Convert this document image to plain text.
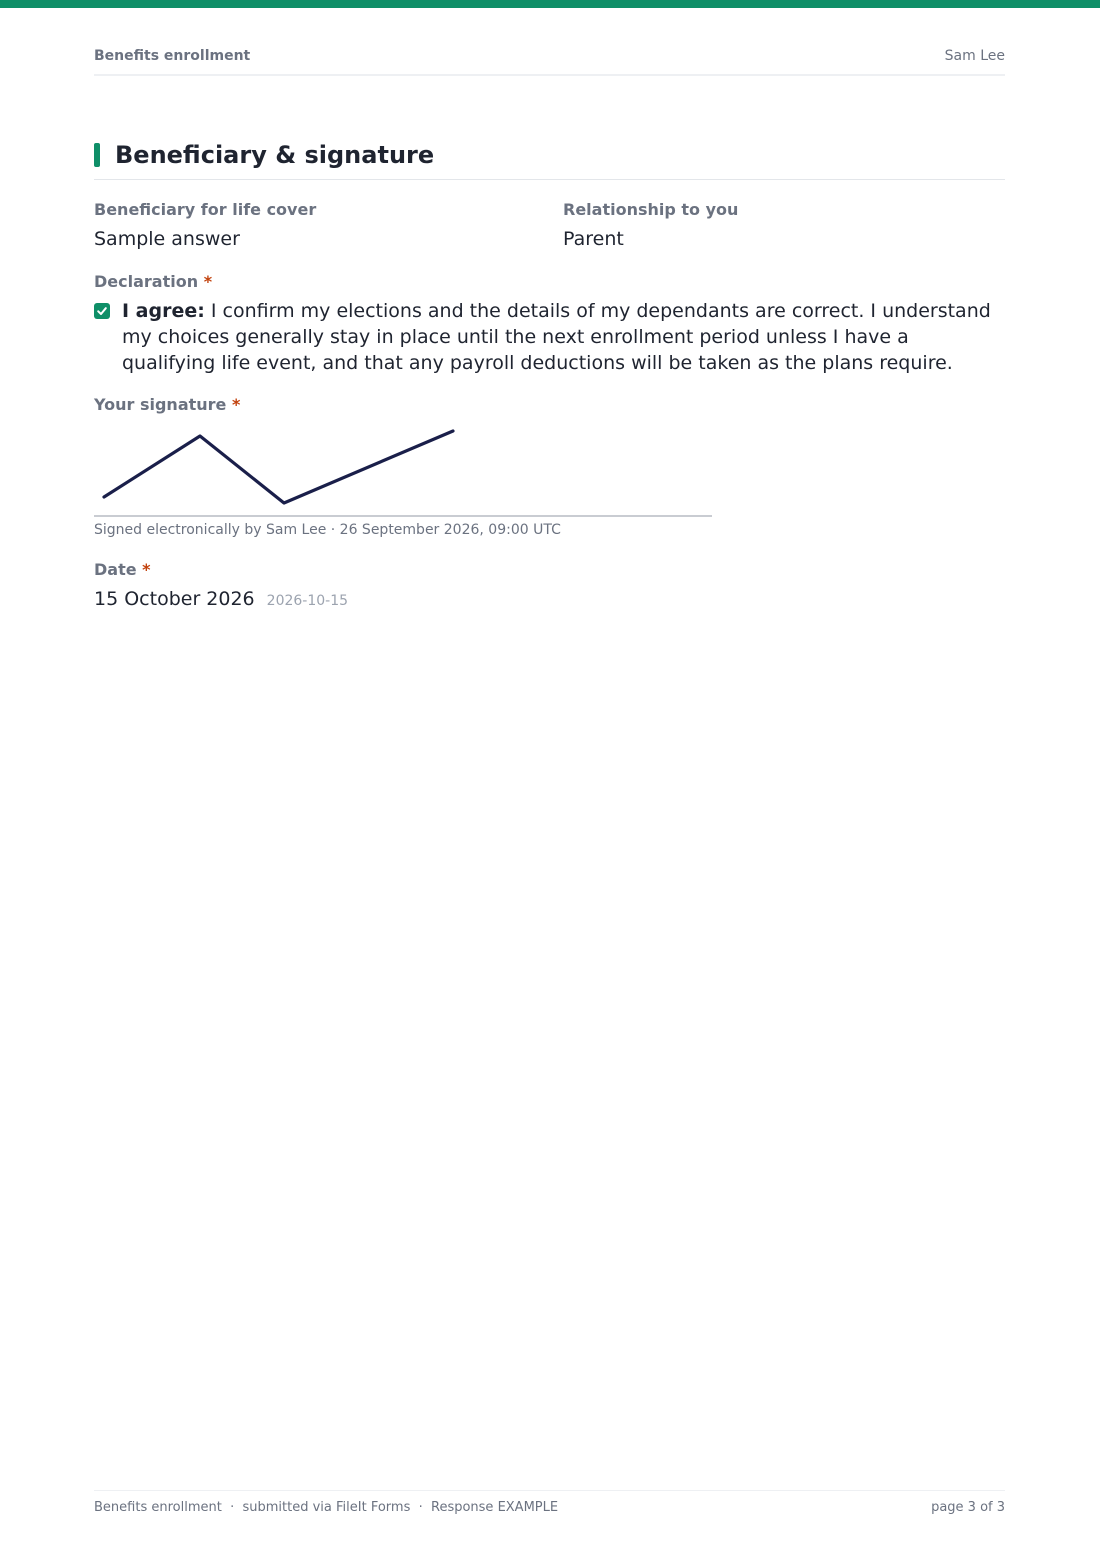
Benefits enrollment	Sam Lee
Beneficiary & signature
Beneficiary for life cover
Sample answer
Relationship to you
Parent
Declaration *

I agree: I confirm my elections and the details of my dependants are correct. I understand my choices generally stay in place until the next enrollment period unless I have a qualifying life event, and that any payroll deductions will be taken as the plans require.

Your signature *
Signed electronically by Sam Lee · 26 September 2026, 09:00 UTC
Date *
15 October 2026 2026-10-15
Benefits enrollment  ·  submitted via FileIt Forms  ·  Response EXAMPLE	page 3 of 3
